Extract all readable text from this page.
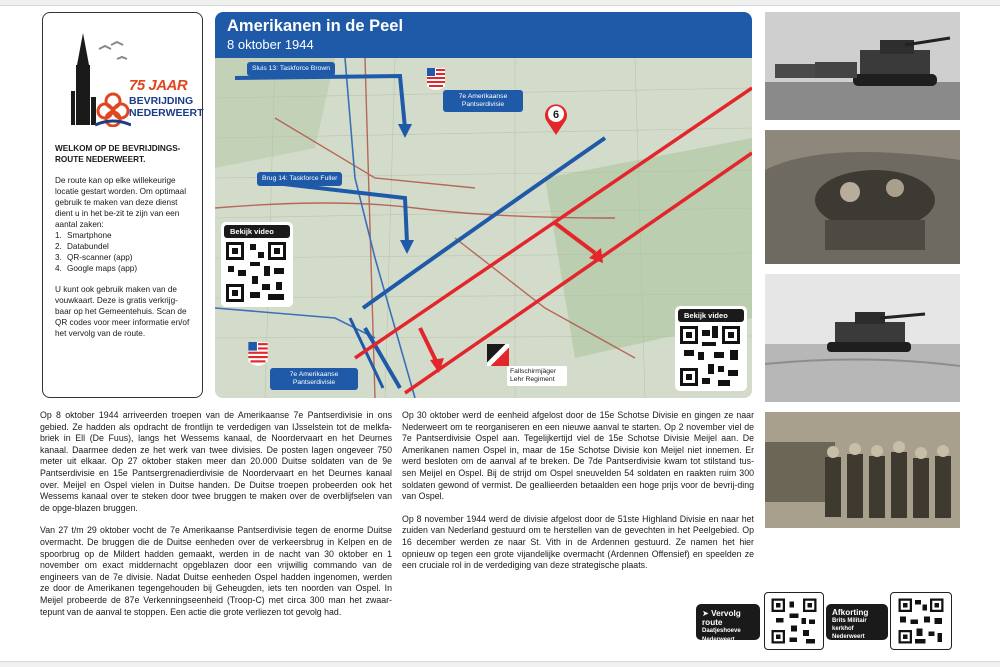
75 JAAR
BEVRIJDING
NEDERWEERT
WELKOM OP DE BEVRIJDINGS-ROUTE NEDERWEERT.

De route kan op elke willekeurige locatie gestart worden. Om optimaal gebruik te maken van deze dienst dient u in het be-zit te zijn van een aantal zaken:

1. Smartphone
2. Databundel
3. QR-scanner (app)
4. Google maps (app)

U kunt ook gebruik maken van de vouwkaart. Deze is gratis verkrijg-baar op het Gemeentehuis. Scan de QR codes voor meer informatie en/of het vervolg van de route.

Amerikanen in de Peel
8 oktober 1944
6
Sluis 13: Taskforce Brown
7e Amerikaanse Pantserdivisie
Brug 14: Taskforce Fuller
7e Amerikaanse Pantserdivisie
Fallschirmjäger Lehr Regiment
Bekijk video
Bekijk video

Op 8 oktober 1944 arriveerden troepen van de Amerikaanse 7e Pantserdivisie in ons gebied. Ze hadden als opdracht de frontlijn te verdedigen van IJsselstein tot de melkfa-briek in Ell (De Fuus), langs het Wessems kanaal, de Noordervaart en het Deurnes kanaal. Daarmee deden ze het werk van twee divisies. De posten lagen ongeveer 750 meter uit elkaar. Op 27 oktober staken meer dan 20.000 Duitse soldaten van de 9e Pantserdivisie en 15e Pantsergrenadierdivisie de Noordervaart en het Deurnes kanaal over. Meijel en Ospel vielen in Duitse handen. De Duitse troepen probeerden ook het Wessems kanaal over te steken door twee bruggen te maken over de overblijfselen van de opge-blazen bruggen.

Van 27 t/m 29 oktober vocht de 7e Amerikaanse Pantserdivisie tegen de enorme Duitse overmacht. De bruggen die de Duitse eenheden over de verkeersbrug in Kelpen en de spoorbrug op de Mildert hadden gemaakt, werden in de nacht van 30 oktober en 1 november om exact middernacht opgeblazen door een vrijwillig commando van de engineers van de 7e divisie. Nadat Duitse eenheden Ospel hadden ingenomen, werden ze door de Amerikanen tegengehouden bij Geheugden, iets ten noorden van Ospel. In Meijel probeerde de 87e Verkenningseenheid (Troop-C) met circa 300 man het zwaar-tepunt van de aanval te stoppen. Een actie die grote verliezen tot gevolg had.

Op 30 oktober werd de eenheid afgelost door de 15e Schotse Divisie en gingen ze naar Nederweert om te reorganiseren en een nieuwe aanval te starten. Op 2 november viel de 7e Pantserdivisie Ospel aan. Tegelijkertijd viel de 15e Schotse Divisie Meijel aan. De Amerikanen namen Ospel in, maar de 15e Schotse Divisie kon Meijel niet innemen. Er werd besloten om de aanval af te breken. De 7de Pantserdivisie kwam tot stilstand tus-sen Meijel en Ospel. Bij de strijd om Ospel sneuvelden 54 soldaten en raakten ruim 300 soldaten gewond of vermist. De geallieerden betaalden een hoge prijs voor de bevrij-ding van Ospel.

Op 8 november 1944 werd de divisie afgelost door de 51ste Highland Divisie en naar het zuiden van Nederland gestuurd om te herstellen van de gevechten in het Peelgebied. Op 16 december werden ze naar St. Vith in de Ardennen gestuurd. Ze namen het hier opnieuw op tegen een grote vijandelijke overmacht (Ardennen Offensief) en speelden ze een cruciale rol in de verdediging van deze strategische plaats.

➤ Vervolg route
Daatjeshoeve
Nederweert
Afkorting
Brits Militair kerkhof
Nederweert
